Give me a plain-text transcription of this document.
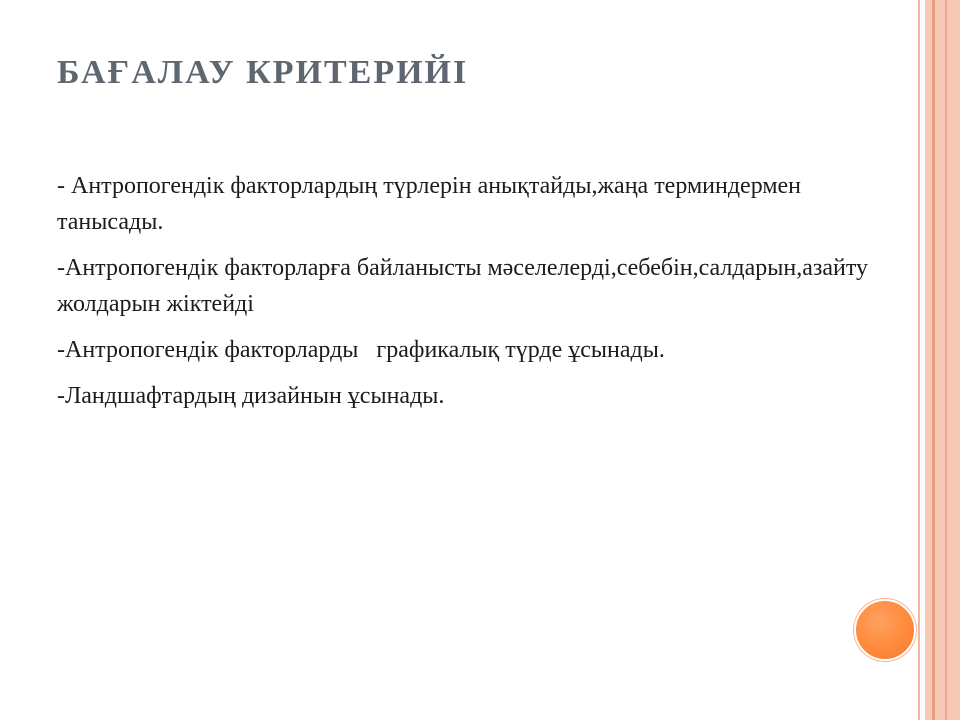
БАҒАЛАУ КРИТЕРИЙІ
- Антропогендік факторлардың түрлерін анықтайды,жаңа терминдермен танысады.
-Антропогендік факторларға байланысты мәселелерді,себебін,салдарын,азайту жолдарын жіктейді
-Антропогендік факторларды   графикалық түрде ұсынады.
-Ландшафтардың дизайнын ұсынады.
